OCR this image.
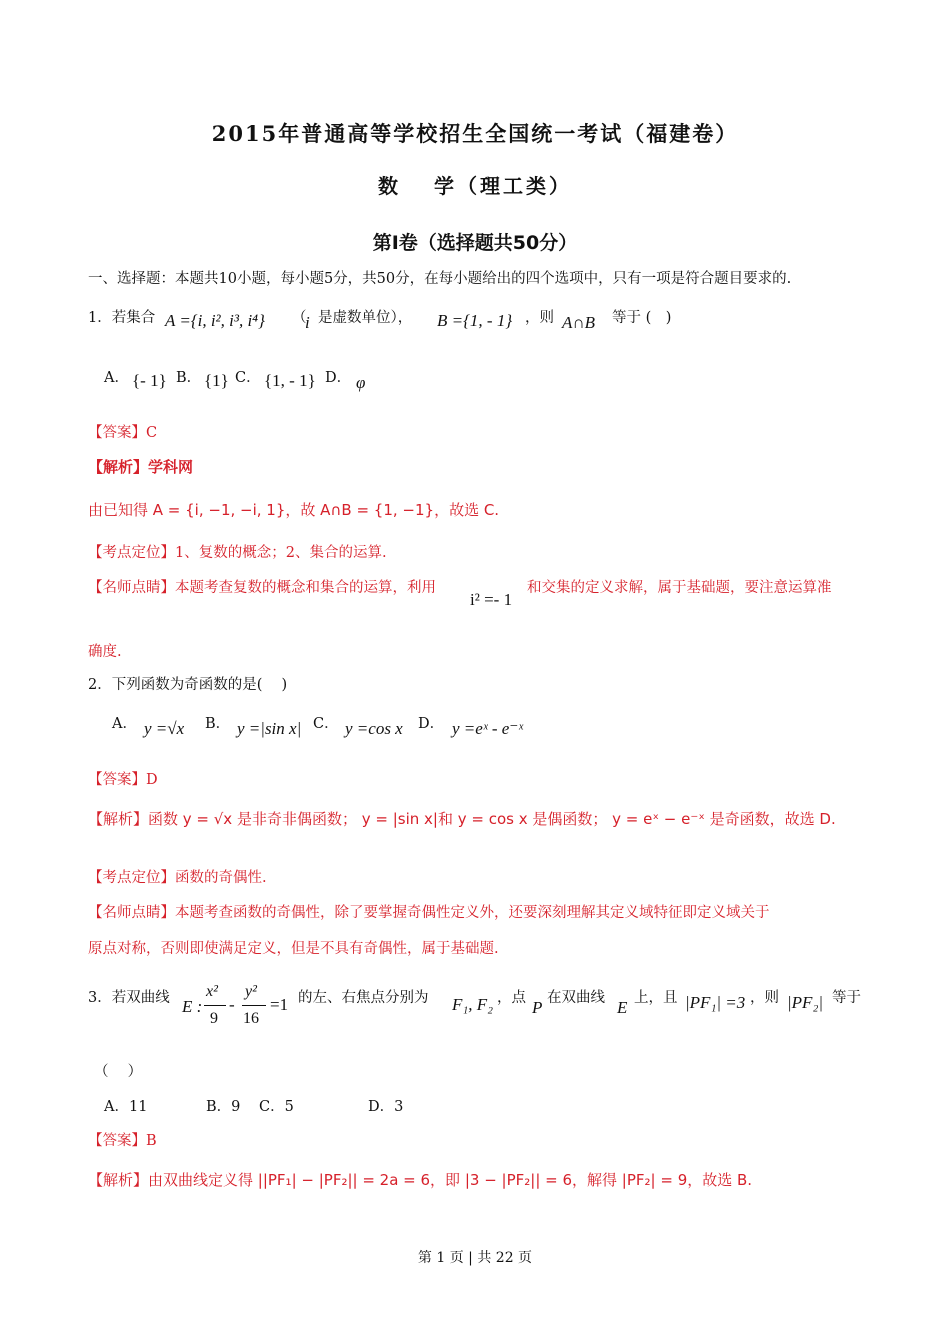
2015年普通高等学校招生全国统一考试（福建卷）
数　 学（理工类）
第Ⅰ卷（选择题共50分）
一、选择题：本题共10小题，每小题5分，共50分，在每小题给出的四个选项中，只有一项是符合题目要求的.
1．若集合 A ={i, i², i³, i⁴} （
i 是虚数单位）， B ={1, - 1} ，则 A∩B 等于 (　)
A． {- 1} B． {1} C． {1, - 1} D． φ
【答案】C
【解析】学科网
由已知得 A = {i, −1, −i, 1}，故 A∩B = {1, −1}，故选 C.
【考点定位】1、复数的概念；2、集合的运算.
【名师点睛】本题考查复数的概念和集合的运算，利用
i² =- 1
和交集的定义求解，属于基础题，要注意运算准
确度.
2．下列函数为奇函数的是(　 )
A． y =√x B． y =|sin x| C． y =cos x D． y =eˣ - e⁻ˣ
【答案】D
【解析】函数 y = √x 是非奇非偶函数； y = |sin x|和 y = cos x 是偶函数； y = eˣ − e⁻ˣ 是奇函数，故选 D.
【考点定位】函数的奇偶性.
【名师点睛】本题考查函数的奇偶性，除了要掌握奇偶性定义外，还要深刻理解其定义域特征即定义域关于
原点对称，否则即使满足定义，但是不具有奇偶性，属于基础题.
3．若双曲线 E :
x²
9
-
y²
16
=1 的左、右焦点分别为 F₁, F₂ ，点 P 在双曲线 E 上，且 |PF₁| =3 ，则 |PF₂| 等于
（　 ）
A．11	B．9 C．5	D．3
【答案】B
【解析】由双曲线定义得 ||PF₁| − |PF₂|| = 2a = 6，即 |3 − |PF₂|| = 6，解得 |PF₂| = 9，故选 B.
第 1 页 | 共 22 页
